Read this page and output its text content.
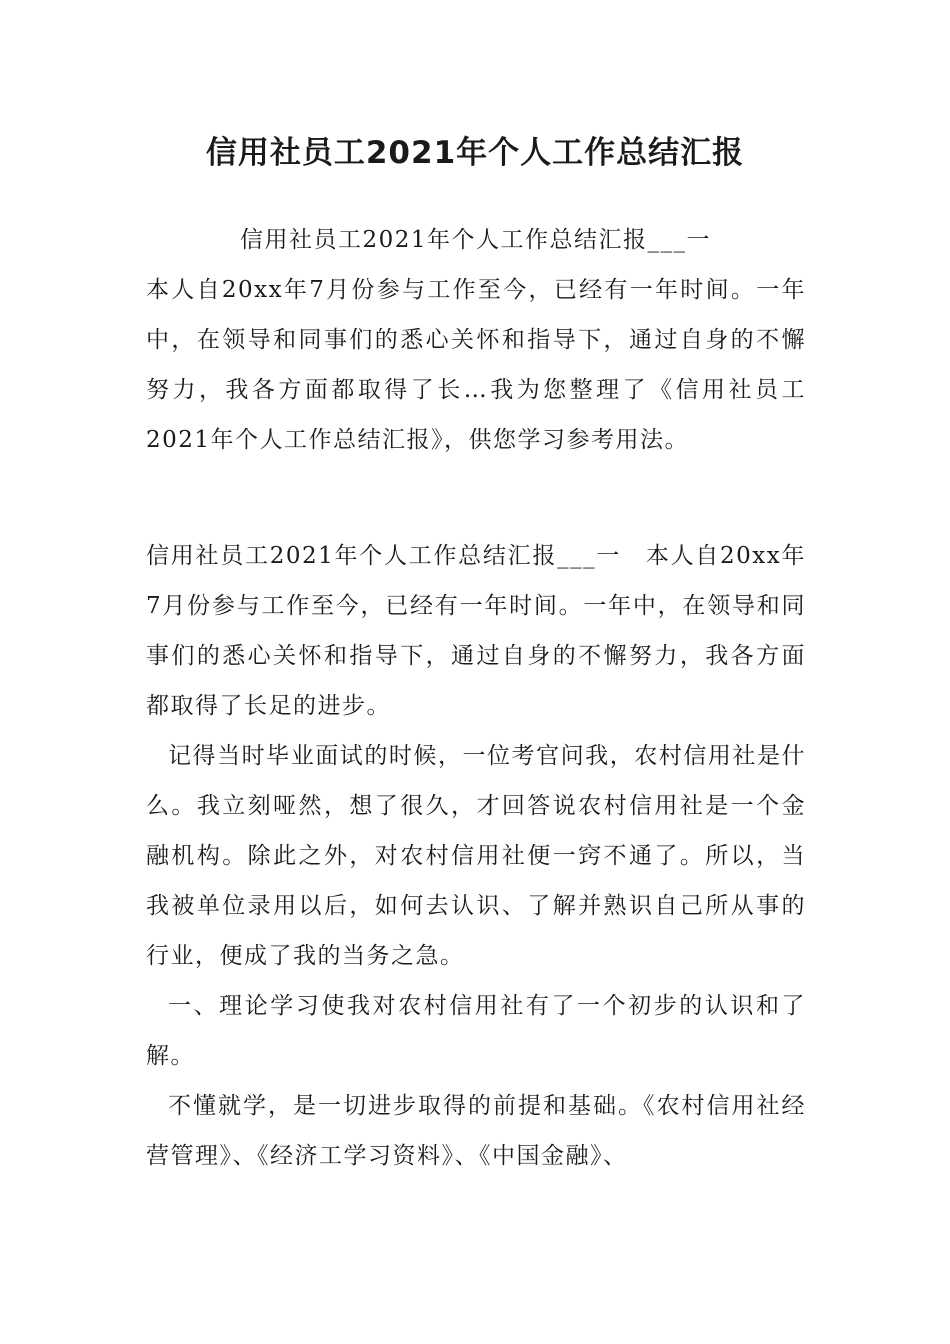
信用社员工2021年个人工作总结汇报

信用社员工2021年个人工作总结汇报___一

本人自20xx年7月份参与工作至今，已经有一年时间。一年中，在领导和同事们的悉心关怀和指导下，通过自身的不懈努力，我各方面都取得了长…我为您整理了《信用社员工2021年个人工作总结汇报》，供您学习参考用法。

信用社员工2021年个人工作总结汇报___一　本人自20xx年7月份参与工作至今，已经有一年时间。一年中，在领导和同事们的悉心关怀和指导下，通过自身的不懈努力，我各方面都取得了长足的进步。

记得当时毕业面试的时候，一位考官问我，农村信用社是什么。我立刻哑然，想了很久，才回答说农村信用社是一个金融机构。除此之外，对农村信用社便一窍不通了。所以，当我被单位录用以后，如何去认识、了解并熟识自己所从事的行业，便成了我的当务之急。

一、理论学习使我对农村信用社有了一个初步的认识和了解。

不懂就学，是一切进步取得的前提和基础。《农村信用社经营管理》、《经济工学习资料》、《中国金融》、
